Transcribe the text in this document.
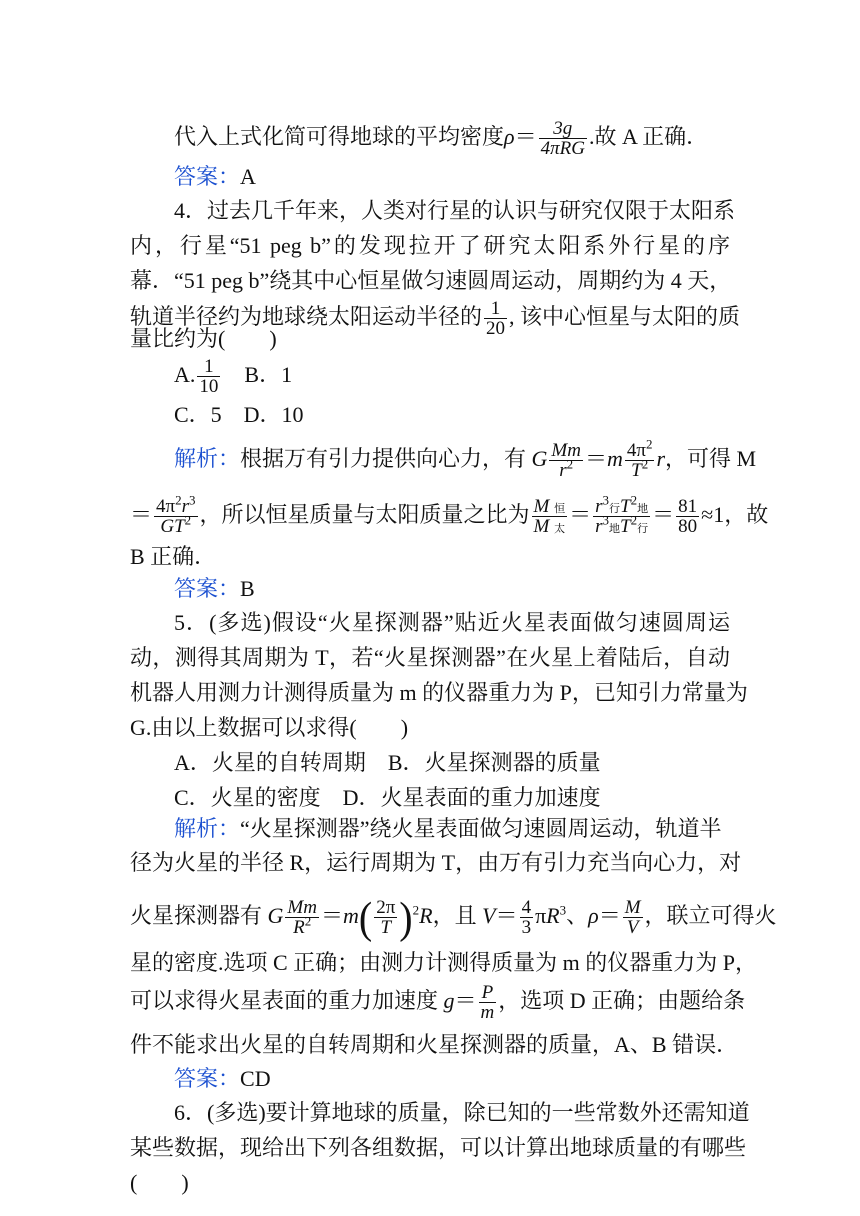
代入上式化简可得地球的平均密度$\rho= \frac{3g}{\text{4πRG}}$ .故 A 正确．
答案：A
4．过去几千年来，人类对行星的认识与研究仅限于太阳系
内，行星“51 peg b”的发现拉开了研究太阳系外行星的序
幕．“51 peg b”绕其中心恒星做匀速圆周运动，周期约为 4 天，
轨道半径约为地球绕太阳运动半径的 $\frac{1}{20}$ , 该中心恒星与太阳的质
量比约为(　　)
A. $\frac{1}{10}$ 　B．1
C．5　D．10
解析：根据万有引力提供向心力，有 G $\frac{Mm}{r^2} =m \frac{4\pi^2}{T^2}$ r，可得 M
＝ $\frac{4\pi^2r^3}{GT^2}$ ，所以恒星质量与太阳质量之比为 $\frac{\text{M 恒}}{\text{M 太}} = \frac{r^3行T^2地}{r^3地T^2行} = \frac{81}{80} \approx 1$，故
B 正确．
答案：B
5．(多选)假设“火星探测器”贴近火星表面做匀速圆周运
动，测得其周期为 T，若“火星探测器”在火星上着陆后，自动
机器人用测力计测得质量为 m 的仪器重力为 P，已知引力常量为
G.由以上数据可以求得(　　)
A．火星的自转周期　B．火星探测器的质量
C．火星的密度　D．火星表面的重力加速度
解析：“火星探测器”绕火星表面做匀速圆周运动，轨道半
径为火星的半径 R，运行周期为 T，由万有引力充当向心力，对
火星探测器有 G $\frac{Mm}{R^2} =m( \frac{2\pi}{T} )^2R$，且 $V= \frac{4}{3} \pi R^3$、$\rho= \frac{M}{V}$ ，联立可得火
星的密度.选项 C 正确；由测力计测得质量为 m 的仪器重力为 P，
可以求得火星表面的重力加速度 $g= \frac{P}{m}$ ，选项 D 正确；由题给条
件不能求出火星的自转周期和火星探测器的质量，A、B 错误．
答案：CD
6．(多选)要计算地球的质量，除已知的一些常数外还需知道
某些数据，现给出下列各组数据，可以计算出地球质量的有哪些
(　　)
